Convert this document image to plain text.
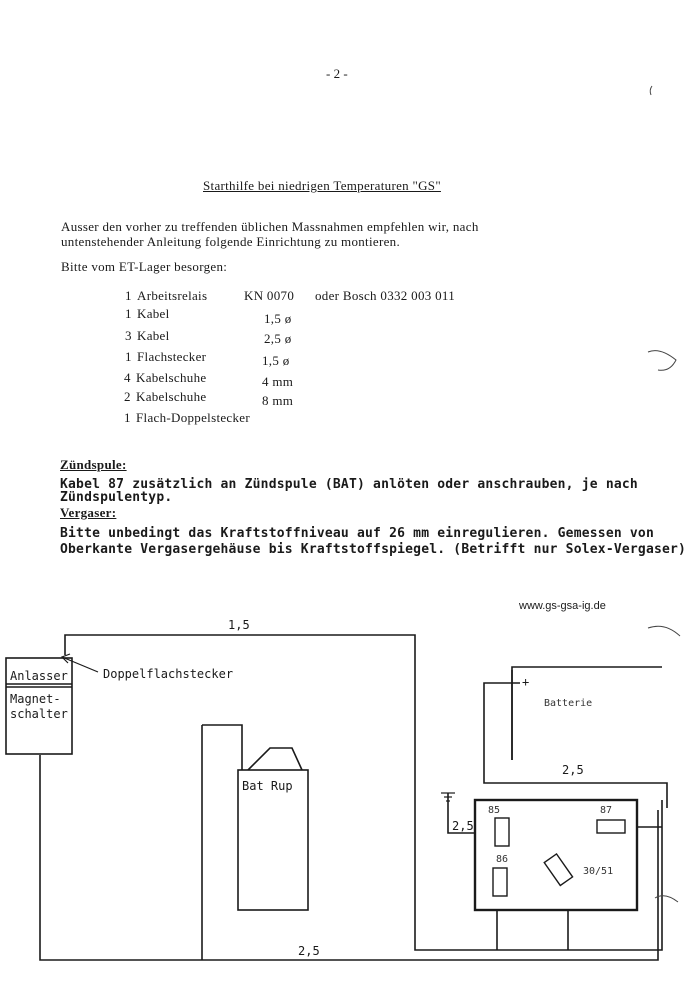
- 2 -
Starthilfe bei niedrigen Temperaturen "GS"
Ausser den vorher zu treffenden üblichen Massnahmen empfehlen wir, nach
untenstehender Anleitung folgende Einrichtung zu montieren.
Bitte vom ET-Lager besorgen:
1 Arbeitsrelais	KN 0070 oder Bosch 0332 003 011
1 Kabel	1,5 ø
3 Kabel	2,5 ø
1 Flachstecker	1,5 ø
4 Kabelschuhe	4 mm
2 Kabelschuhe	8 mm
1 Flach-Doppelstecker
Zündspule:
Kabel 87 zusätzlich an Zündspule (BAT) anlöten oder anschrauben, je nach
Zündspulentyp.
Vergaser:
Bitte unbedingt das Kraftstoffniveau auf 26 mm einregulieren. Gemessen von
Oberkante Vergasergehäuse bis Kraftstoffspiegel. (Betrifft nur Solex-Vergaser)
www.gs-gsa-ig.de
Anlasser
Magnet-
schalter
Doppelflachstecker
1,5
2,5
Bat Rup
+
Batterie
2,5
2,5
85	87
86
30/51
